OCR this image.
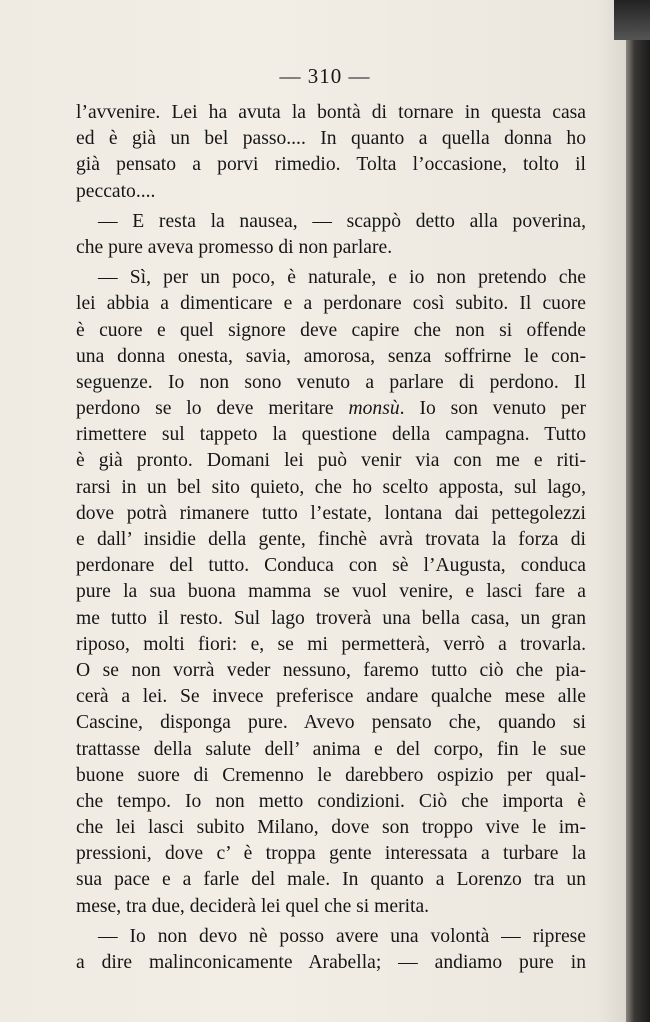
— 310 —
l’avvenire. Lei ha avuta la bontà di tornare in questa casa
ed è già un bel passo.... In quanto a quella donna ho
già pensato a porvi rimedio. Tolta l’occasione, tolto il
peccato....
— E resta la nausea, — scappò detto alla poverina,
che pure aveva promesso di non parlare.
— Sì, per un poco, è naturale, e io non pretendo che
lei abbia a dimenticare e a perdonare così subito. Il cuore
è cuore e quel signore deve capire che non si offende
una donna onesta, savia, amorosa, senza soffrirne le con-
seguenze. Io non sono venuto a parlare di perdono. Il
perdono se lo deve meritare monsù. Io son venuto per
rimettere sul tappeto la questione della campagna. Tutto
è già pronto. Domani lei può venir via con me e riti-
rarsi in un bel sito quieto, che ho scelto apposta, sul lago,
dove potrà rimanere tutto l’estate, lontana dai pettegolezzi
e dall’ insidie della gente, finchè avrà trovata la forza di
perdonare del tutto. Conduca con sè l’Augusta, conduca
pure la sua buona mamma se vuol venire, e lasci fare a
me tutto il resto. Sul lago troverà una bella casa, un gran
riposo, molti fiori: e, se mi permetterà, verrò a trovarla.
O se non vorrà veder nessuno, faremo tutto ciò che pia-
cerà a lei. Se invece preferisce andare qualche mese alle
Cascine, disponga pure. Avevo pensato che, quando si
trattasse della salute dell’ anima e del corpo, fin le sue
buone suore di Cremenno le darebbero ospizio per qual-
che tempo. Io non metto condizioni. Ciò che importa è
che lei lasci subito Milano, dove son troppo vive le im-
pressioni, dove c’ è troppa gente interessata a turbare la
sua pace e a farle del male. In quanto a Lorenzo tra un
mese, tra due, deciderà lei quel che si merita.
— Io non devo nè posso avere una volontà — riprese
a dire malinconicamente Arabella; — andiamo pure in
